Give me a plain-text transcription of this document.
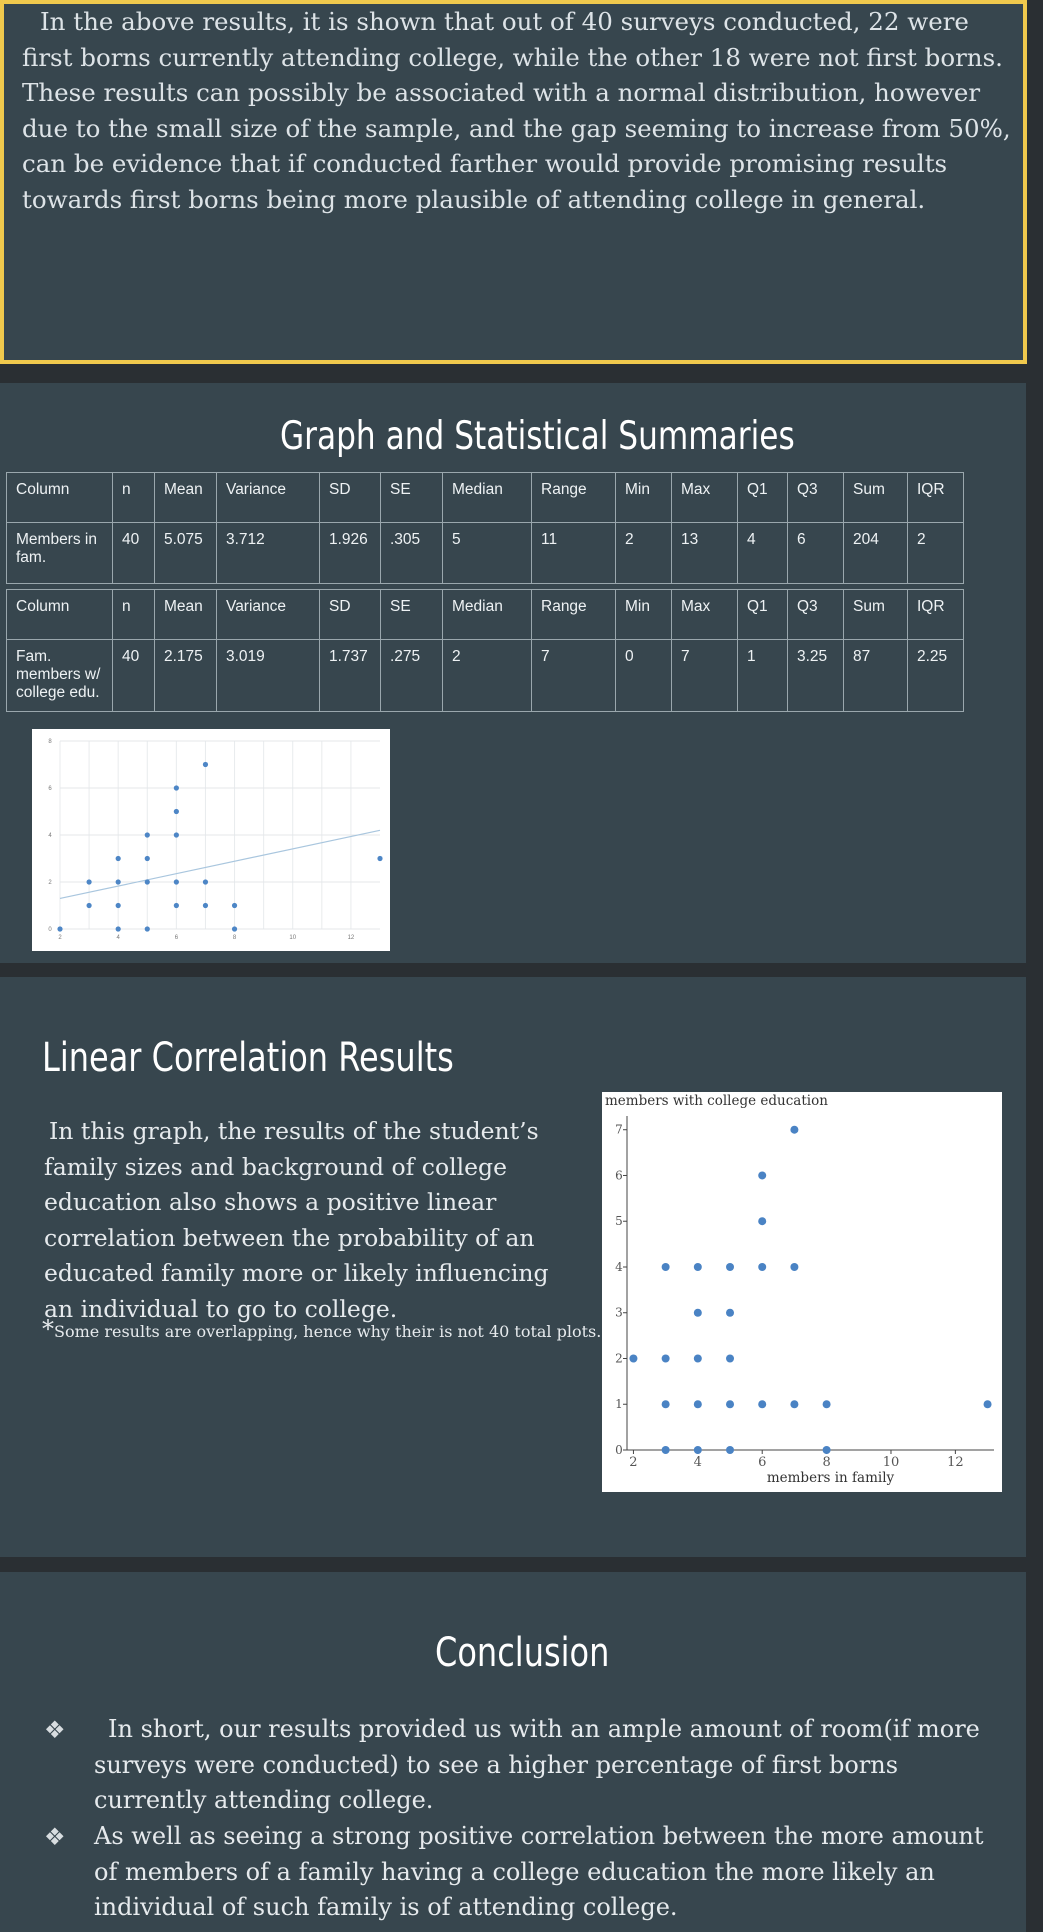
In the above results, it is shown that out of 40 surveys conducted, 22 were first borns currently attending college, while the other 18 were not first borns. These results can possibly be associated with a normal distribution, however due to the small size of the sample, and the gap seeming to increase from 50%, can be evidence that if conducted farther would provide promising results towards first borns being more plausible of attending college in general.

Graph and Statistical Summaries
Column	n	Mean	Variance	SD	SE	Median	Range	Min	Max	Q1	Q3	Sum	IQR
Members in fam.	40	5.075	3.712	1.926	.305	5	11	2	13	4	6	204	2
Column	n	Mean	Variance	SD	SE	Median	Range	Min	Max	Q1	Q3	Sum	IQR
Fam. members w/ college edu.	40	2.175	3.019	1.737	.275	2	7	0	7	1	3.25	87	2.25
2	4	6	8	10	12
0
2
4
6
8
Linear Correlation Results

In this graph, the results of the student’s family sizes and background of college education also shows a positive linear correlation between the probability of an educated family more or likely influencing an individual to go to college.

*Some results are overlapping, hence why their is not 40 total plots.

2	4	6	8	10	12
0
1
2
3
4
5
6
7
members with college education
members in family
Conclusion
❖	In short, our results provided us with an ample amount of room(if more surveys were conducted) to see a higher percentage of first borns currently attending college.

❖ As well as seeing a strong positive correlation between the more amount of members of a family having a college education the more likely an individual of such family is of attending college.
